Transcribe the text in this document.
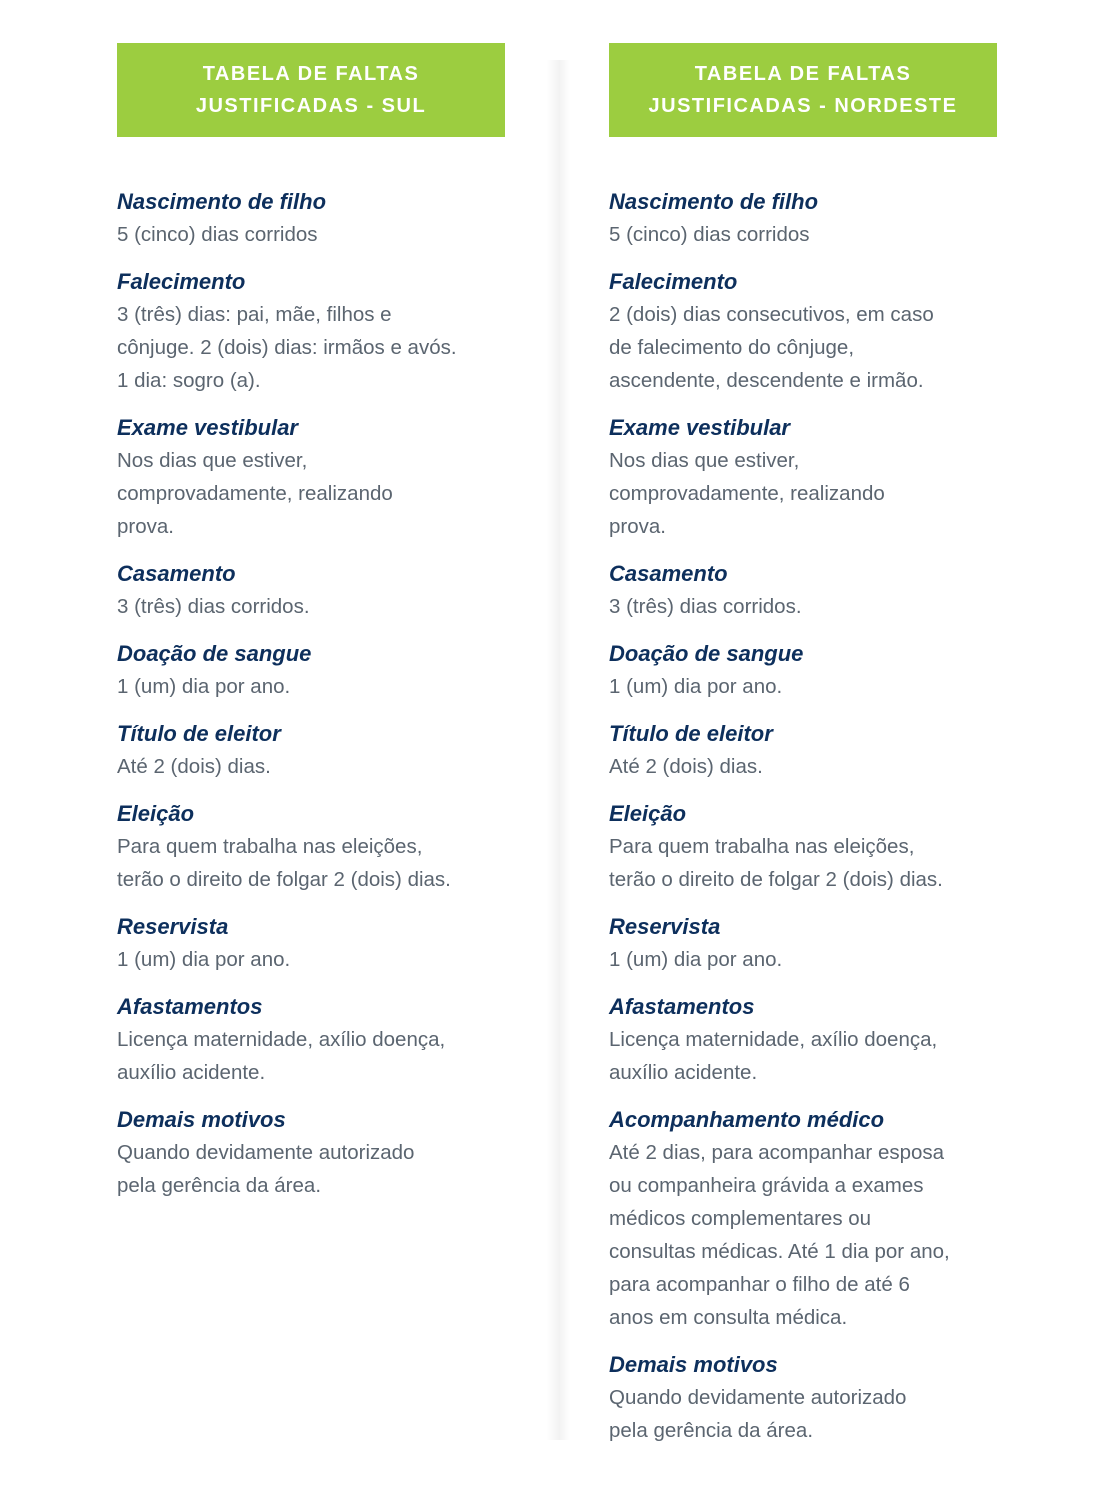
TABELA DE FALTAS
JUSTIFICADAS - SUL
Nascimento de filho
5 (cinco) dias corridos
Falecimento
3 (três) dias: pai, mãe, filhos e
cônjuge. 2 (dois) dias: irmãos e avós.
1 dia: sogro (a).
Exame vestibular
Nos dias que estiver,
comprovadamente, realizando
prova.
Casamento
3 (três) dias corridos.
Doação de sangue
1 (um) dia por ano.
Título de eleitor
Até 2 (dois) dias.
Eleição
Para quem trabalha nas eleições,
terão o direito de folgar 2 (dois) dias.
Reservista
1 (um) dia por ano.
Afastamentos
Licença maternidade, axílio doença,
auxílio acidente.
Demais motivos
Quando devidamente autorizado
pela gerência da área.
TABELA DE FALTAS
JUSTIFICADAS - NORDESTE
Nascimento de filho
5 (cinco) dias corridos
Falecimento
2 (dois) dias consecutivos, em caso
de falecimento do cônjuge,
ascendente, descendente e irmão.
Exame vestibular
Nos dias que estiver,
comprovadamente, realizando
prova.
Casamento
3 (três) dias corridos.
Doação de sangue
1 (um) dia por ano.
Título de eleitor
Até 2 (dois) dias.
Eleição
Para quem trabalha nas eleições,
terão o direito de folgar 2 (dois) dias.
Reservista
1 (um) dia por ano.
Afastamentos
Licença maternidade, axílio doença,
auxílio acidente.
Acompanhamento médico
Até 2 dias, para acompanhar esposa
ou companheira grávida a exames
médicos complementares ou
consultas médicas. Até 1 dia por ano,
para acompanhar o filho de até 6
anos em consulta médica.
Demais motivos
Quando devidamente autorizado
pela gerência da área.
